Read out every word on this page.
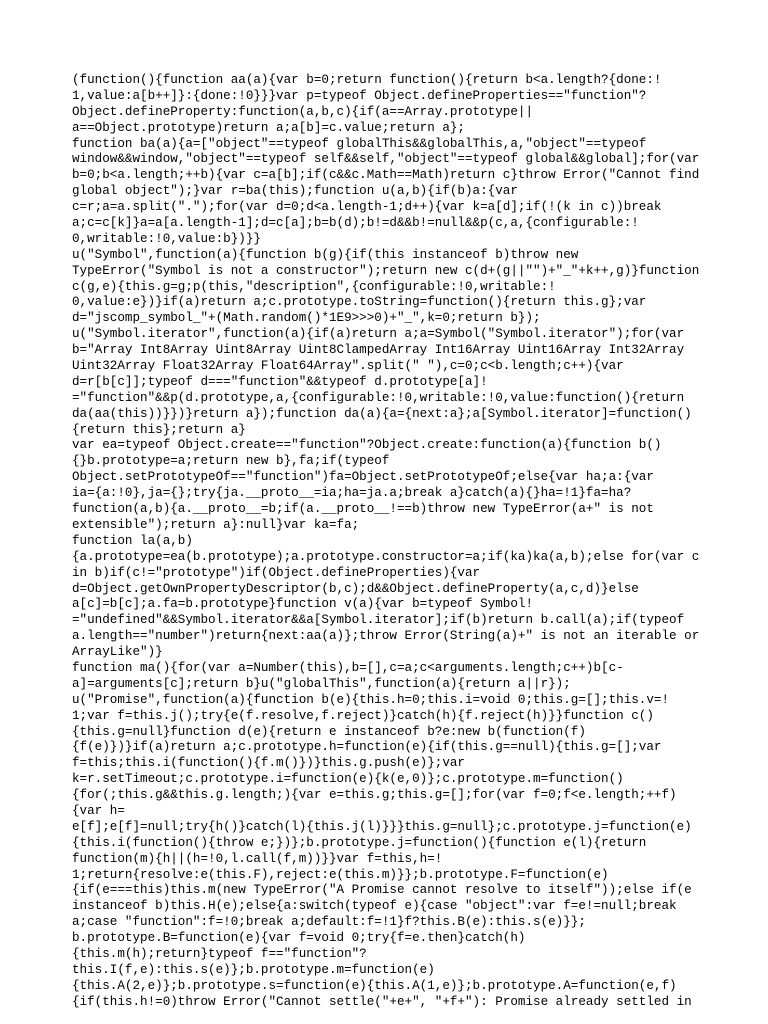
(function(){function aa(a){var b=0;return function(){return b<a.length?{done:!
1,value:a[b++]}:{done:!0}}}var p=typeof Object.defineProperties=="function"?
Object.defineProperty:function(a,b,c){if(a==Array.prototype||
a==Object.prototype)return a;a[b]=c.value;return a};
function ba(a){a=["object"==typeof globalThis&&globalThis,a,"object"==typeof
window&&window,"object"==typeof self&&self,"object"==typeof global&&global];for(var
b=0;b<a.length;++b){var c=a[b];if(c&&c.Math==Math)return c}throw Error("Cannot find
global object");}var r=ba(this);function u(a,b){if(b)a:{var
c=r;a=a.split(".");for(var d=0;d<a.length-1;d++){var k=a[d];if(!(k in c))break
a;c=c[k]}a=a[a.length-1];d=c[a];b=b(d);b!=d&&b!=null&&p(c,a,{configurable:!
0,writable:!0,value:b})}}
u("Symbol",function(a){function b(g){if(this instanceof b)throw new
TypeError("Symbol is not a constructor");return new c(d+(g||"")+"_"+k++,g)}function
c(g,e){this.g=g;p(this,"description",{configurable:!0,writable:!
0,value:e})}if(a)return a;c.prototype.toString=function(){return this.g};var
d="jscomp_symbol_"+(Math.random()*1E9>>>0)+"_",k=0;return b});
u("Symbol.iterator",function(a){if(a)return a;a=Symbol("Symbol.iterator");for(var
b="Array Int8Array Uint8Array Uint8ClampedArray Int16Array Uint16Array Int32Array
Uint32Array Float32Array Float64Array".split(" "),c=0;c<b.length;c++){var
d=r[b[c]];typeof d==="function"&&typeof d.prototype[a]!
="function"&&p(d.prototype,a,{configurable:!0,writable:!0,value:function(){return
da(aa(this))}})}return a});function da(a){a={next:a};a[Symbol.iterator]=function()
{return this};return a}
var ea=typeof Object.create=="function"?Object.create:function(a){function b()
{}b.prototype=a;return new b},fa;if(typeof
Object.setPrototypeOf=="function")fa=Object.setPrototypeOf;else{var ha;a:{var
ia={a:!0},ja={};try{ja.__proto__=ia;ha=ja.a;break a}catch(a){}ha=!1}fa=ha?
function(a,b){a.__proto__=b;if(a.__proto__!==b)throw new TypeError(a+" is not
extensible");return a}:null}var ka=fa;
function la(a,b)
{a.prototype=ea(b.prototype);a.prototype.constructor=a;if(ka)ka(a,b);else for(var c
in b)if(c!="prototype")if(Object.defineProperties){var
d=Object.getOwnPropertyDescriptor(b,c);d&&Object.defineProperty(a,c,d)}else
a[c]=b[c];a.fa=b.prototype}function v(a){var b=typeof Symbol!
="undefined"&&Symbol.iterator&&a[Symbol.iterator];if(b)return b.call(a);if(typeof
a.length=="number")return{next:aa(a)};throw Error(String(a)+" is not an iterable or
ArrayLike")}
function ma(){for(var a=Number(this),b=[],c=a;c<arguments.length;c++)b[c-
a]=arguments[c];return b}u("globalThis",function(a){return a||r});
u("Promise",function(a){function b(e){this.h=0;this.i=void 0;this.g=[];this.v=!
1;var f=this.j();try{e(f.resolve,f.reject)}catch(h){f.reject(h)}}function c()
{this.g=null}function d(e){return e instanceof b?e:new b(function(f)
{f(e)})}if(a)return a;c.prototype.h=function(e){if(this.g==null){this.g=[];var
f=this;this.i(function(){f.m()})}this.g.push(e)};var
k=r.setTimeout;c.prototype.i=function(e){k(e,0)};c.prototype.m=function()
{for(;this.g&&this.g.length;){var e=this.g;this.g=[];for(var f=0;f<e.length;++f)
{var h=
e[f];e[f]=null;try{h()}catch(l){this.j(l)}}}this.g=null};c.prototype.j=function(e)
{this.i(function(){throw e;})};b.prototype.j=function(){function e(l){return
function(m){h||(h=!0,l.call(f,m))}}var f=this,h=!
1;return{resolve:e(this.F),reject:e(this.m)}};b.prototype.F=function(e)
{if(e===this)this.m(new TypeError("A Promise cannot resolve to itself"));else if(e
instanceof b)this.H(e);else{a:switch(typeof e){case "object":var f=e!=null;break
a;case "function":f=!0;break a;default:f=!1}f?this.B(e):this.s(e)}};
b.prototype.B=function(e){var f=void 0;try{f=e.then}catch(h)
{this.m(h);return}typeof f=="function"?
this.I(f,e):this.s(e)};b.prototype.m=function(e)
{this.A(2,e)};b.prototype.s=function(e){this.A(1,e)};b.prototype.A=function(e,f)
{if(this.h!=0)throw Error("Cannot settle("+e+", "+f+"): Promise already settled in
